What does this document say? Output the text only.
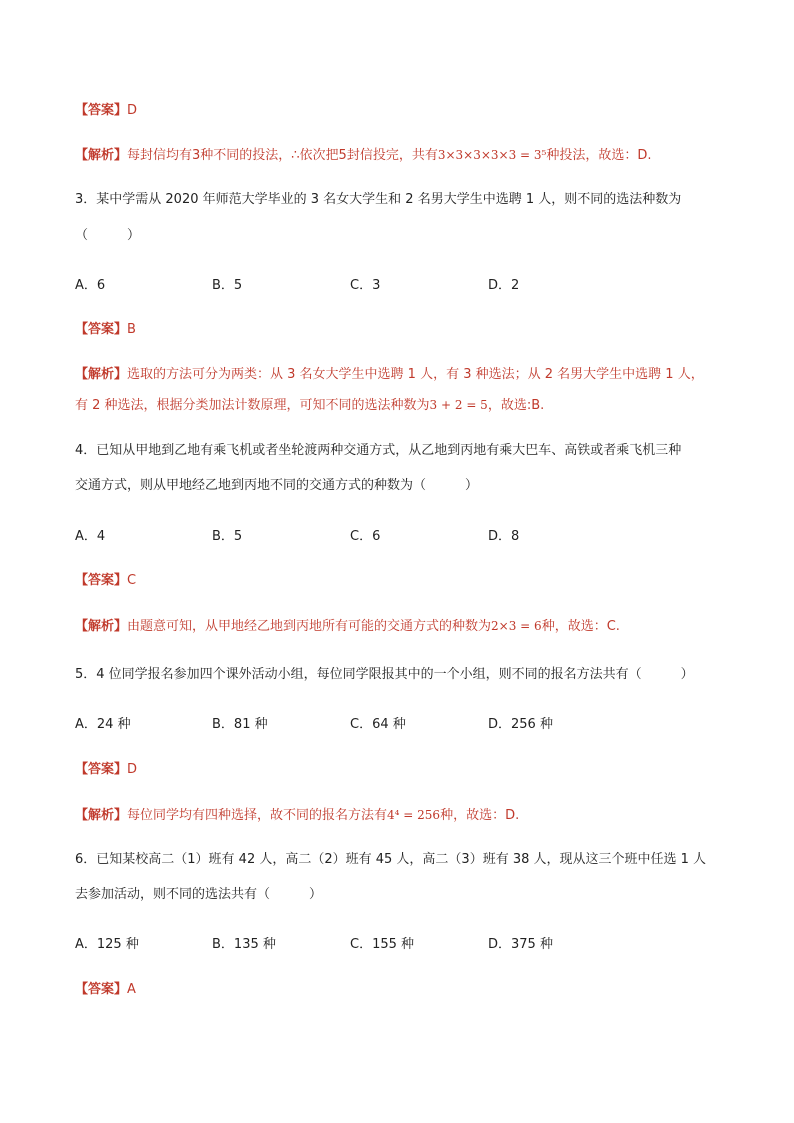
【答案】D
【解析】每封信均有3种不同的投法，∴依次把5封信投完，共有3×3×3×3×3 = 3⁵种投法，故选：D.
3．某中学需从 2020 年师范大学毕业的 3 名女大学生和 2 名男大学生中选聘 1 人，则不同的选法种数为
（　　　）
A．6	B．5	C．3	D．2
【答案】B
【解析】选取的方法可分为两类：从 3 名女大学生中选聘 1 人，有 3 种选法；从 2 名男大学生中选聘 1 人，
有 2 种选法，根据分类加法计数原理，可知不同的选法种数为3 + 2 = 5，故选:B.
4．已知从甲地到乙地有乘飞机或者坐轮渡两种交通方式，从乙地到丙地有乘大巴车、高铁或者乘飞机三种
交通方式，则从甲地经乙地到丙地不同的交通方式的种数为（　　　）
A．4	B．5	C．6	D．8
【答案】C
【解析】由题意可知，从甲地经乙地到丙地所有可能的交通方式的种数为2×3 = 6种，故选：C.
5．4 位同学报名参加四个课外活动小组，每位同学限报其中的一个小组，则不同的报名方法共有（　　　）
A．24 种	B．81 种	C．64 种	D．256 种
【答案】D
【解析】每位同学均有四种选择，故不同的报名方法有4⁴ = 256种，故选：D.
6．已知某校高二（1）班有 42 人，高二（2）班有 45 人，高二（3）班有 38 人，现从这三个班中任选 1 人
去参加活动，则不同的选法共有（　　　）
A．125 种	B．135 种	C．155 种	D．375 种
【答案】A
